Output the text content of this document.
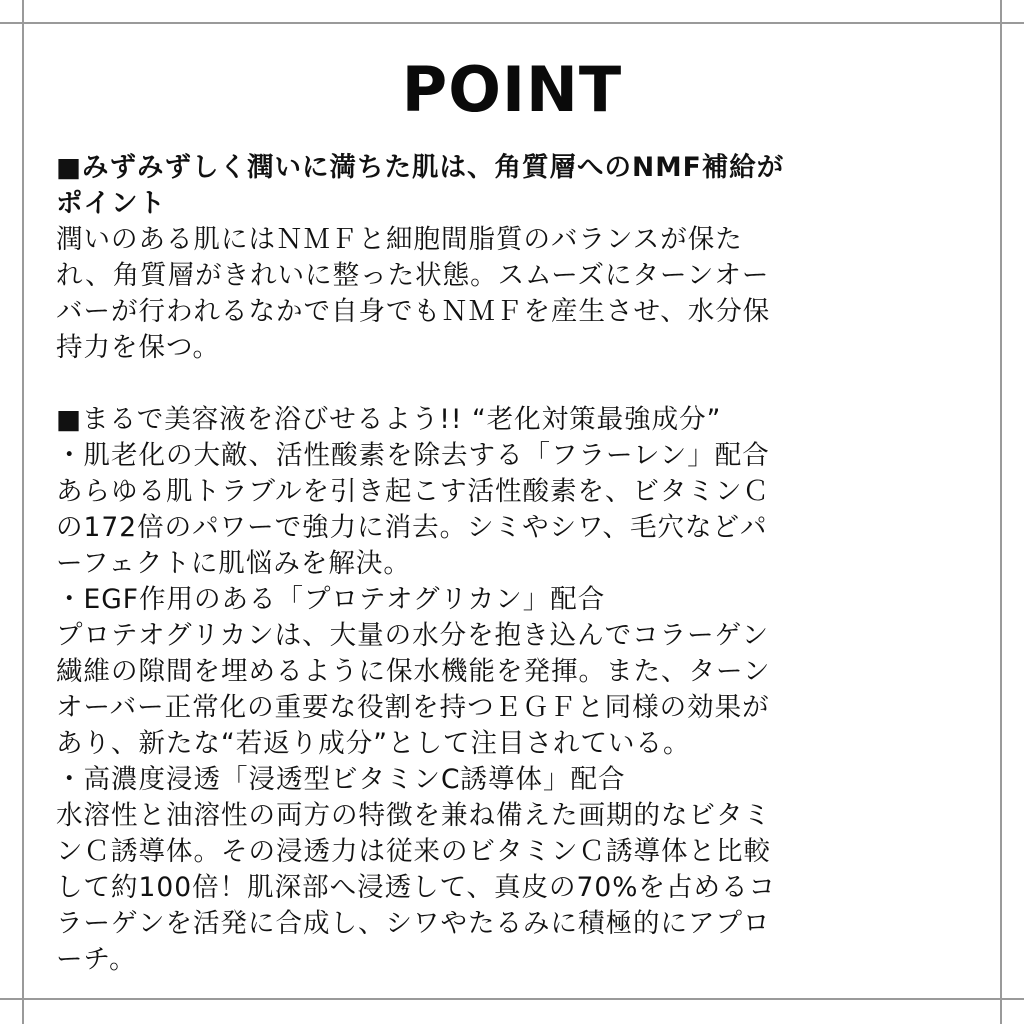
POINT

■みずみずしく潤いに満ちた肌は、角質層へのNMF補給が

ポイント

潤いのある肌にはＮＭＦと細胞間脂質のバランスが保た

れ、角質層がきれいに整った状態。スムーズにターンオー

バーが行われるなかで自身でもＮＭＦを産生させ、水分保

持力を保つ。

■まるで美容液を浴びせるよう!! “老化対策最強成分”

・肌老化の大敵、活性酸素を除去する「フラーレン」配合

あらゆる肌トラブルを引き起こす活性酸素を、ビタミンＣ

の172倍のパワーで強力に消去。シミやシワ、毛穴などパ

ーフェクトに肌悩みを解決。

・EGF作用のある「プロテオグリカン」配合

プロテオグリカンは、大量の水分を抱き込んでコラーゲン

繊維の隙間を埋めるように保水機能を発揮。また、ターン

オーバー正常化の重要な役割を持つＥＧＦと同様の効果が

あり、新たな“若返り成分”として注目されている。

・高濃度浸透「浸透型ビタミンC誘導体」配合

水溶性と油溶性の両方の特徴を兼ね備えた画期的なビタミ

ンＣ誘導体。その浸透力は従来のビタミンＣ誘導体と比較

して約100倍！肌深部へ浸透して、真皮の70%を占めるコ

ラーゲンを活発に合成し、シワやたるみに積極的にアプロ

ーチ。
